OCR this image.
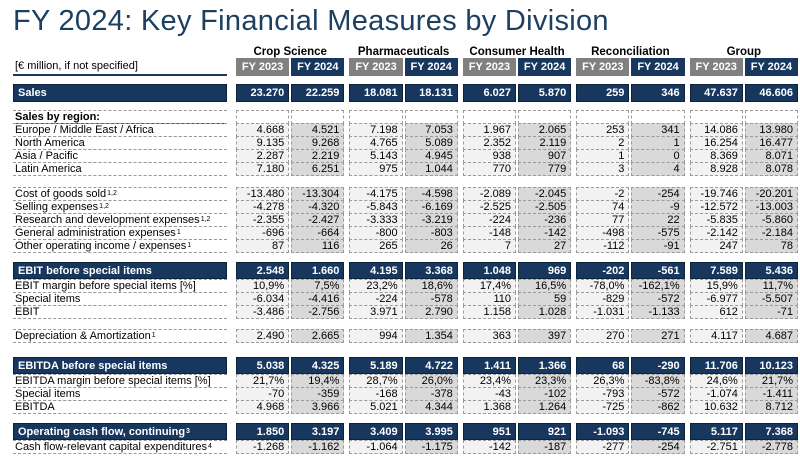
FY 2024: Key Financial Measures by Division
Crop Science	Pharmaceuticals	Consumer Health	Reconciliation	Group
[€ million, if not specified]	FY 2023	FY 2024	FY 2023	FY 2024	FY 2023	FY 2024	FY 2023	FY 2024	FY 2023	FY 2024
Sales	23.270	22.259	18.081	18.131	6.027	5.870	259	346	47.637	46.606
Sales by region:
Europe / Middle East / Africa	4.668	4.521	7.198	7.053	1.967	2.065	253	341	14.086	13.980
North America	9.135	9.268	4.765	5.089	2.352	2.119	2	1	16.254	16.477
Asia / Pacific	2.287	2.219	5.143	4.945	938	907	1	0	8.369	8.071
Latin America	7.180	6.251	975	1.044	770	779	3	4	8.928	8.078
Cost of goods sold 1,2	-13.480	-13.304	-4.175	-4.598	-2.089	-2.045	-2	-254	-19.746	-20.201
Selling expenses 1,2	-4.278	-4.320	-5.843	-6.169	-2.525	-2.505	74	-9	-12.572	-13.003
Research and development expenses 1,2	-2.355	-2.427	-3.333	-3.219	-224	-236	77	22	-5.835	-5.860
General administration expenses 1	-696	-664	-800	-803	-148	-142	-498	-575	-2.142	-2.184
Other operating income / expenses 1	87	116	265	26	7	27	-112	-91	247	78
EBIT before special items	2.548	1.660	4.195	3.368	1.048	969	-202	-561	7.589	5.436
EBIT margin before special items [%]	10,9%	7,5%	23,2%	18,6%	17,4%	16,5%	-78,0%	-162,1%	15,9%	11,7%
Special items	-6.034	-4.416	-224	-578	110	59	-829	-572	-6.977	-5.507
EBIT	-3.486	-2.756	3.971	2.790	1.158	1.028	-1.031	-1.133	612	-71
Depreciation & Amortization 1	2.490	2.665	994	1.354	363	397	270	271	4.117	4.687
EBITDA before special items	5.038	4.325	5.189	4.722	1.411	1.366	68	-290	11.706	10.123
EBITDA margin before special items [%]	21,7%	19,4%	28,7%	26,0%	23,4%	23,3%	26,3%	-83,8%	24,6%	21,7%
Special items	-70	-359	-168	-378	-43	-102	-793	-572	-1.074	-1.411
EBITDA	4.968	3.966	5.021	4.344	1.368	1.264	-725	-862	10.632	8.712
Operating cash flow, continuing 3	1.850	3.197	3.409	3.995	951	921	-1.093	-745	5.117	7.368
Cash flow-relevant capital expenditures 4	-1.268	-1.162	-1.064	-1.175	-142	-187	-277	-254	-2.751	-2.778
